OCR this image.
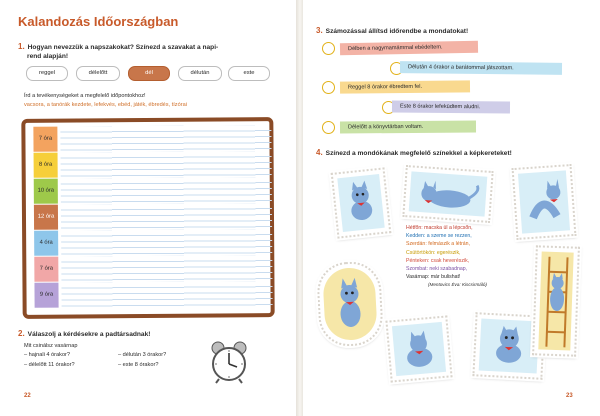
Kalandozás Időországban
1. Hogyan nevezzük a napszakokat? Színezd a szavakat a napi-
rend alapján!
reggel	délelőtt	dél	délután	este
Írd a tevékenységeket a megfelelő időpontokhoz!
vacsora, a tanórák kezdete, lefekvés, ebéd, játék, ébredés, tízórai
7 óra
8 óra
10 óra
12 óra
4 óra
7 óra
9 óra
2. Válaszolj a kérdésekre a padtársadnak!
Mit csinálsz vasárnap
– hajnali 4 órakor?	– délután 3 órakor?
– délelőtt 11 órakor?	– este 8 órakor?
22
3. Számozással állítsd időrendbe a mondatokat!
Délben a nagymamámmal ebédeltem.
Délután 4 órakor a barátommal játszottam.
Reggel 8 órakor ébredtem fel.
Este 8 órakor lefeküdtem aludni.
Délelőtt a könyvtárban voltam.
4. Színezd a mondókának megfelelő színekkel a képkereteket!
Hétfőn: macska ül a lépcsőn,
Kedden: a szeme se rezzen,
Szerdán: felmászik a létrán,
Csütörtökön: egerészik,
Pénteken: csak heverészik,
Szombat: neki szabadnap,
Vasárnap: már bulishat!
(Mentovics Éva: Kiscsirmáló)
23
